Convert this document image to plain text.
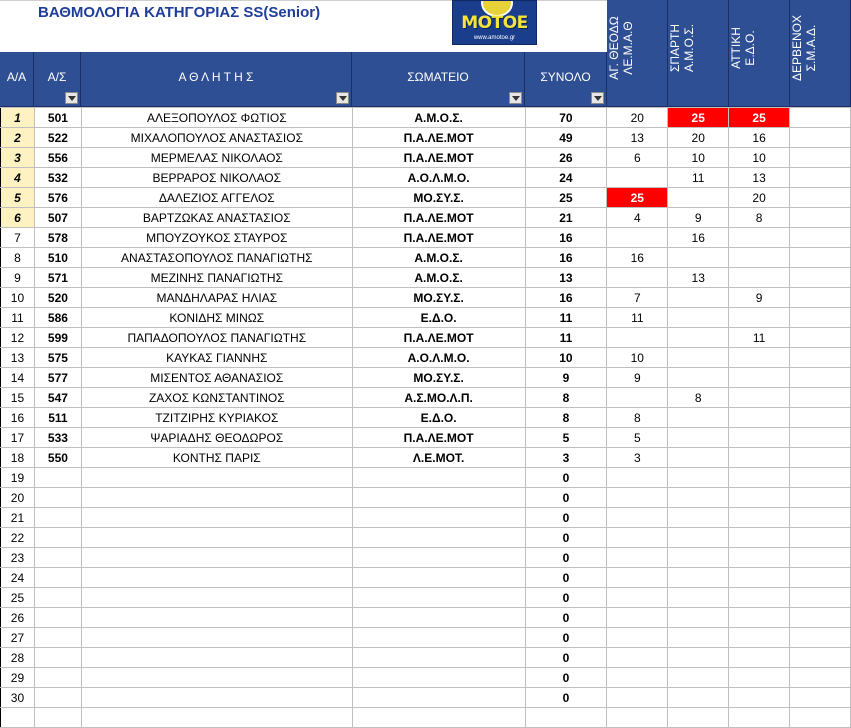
ΒΑΘΜΟΛΟΓΙΑ ΚΑΤΗΓΟΡΙΑΣ SS(Senior)
MOTOE
www.amotoe.gr
Α/Α	Α/Σ	Α Θ Λ Η Τ Η Σ	ΣΩΜΑΤΕΙΟ	ΣΥΝΟΛΟ	ΑΓ. ΘΕΟΔΩ ΛΕ.Μ.Α.Θ	ΣΠΑΡΤΗ Α.Μ.Ο.Σ.	ΑΤΤΙΚΗ Ε.Δ.Ο.	ΔΕΡΒΕΝΟΧ Σ.Μ.Α.Δ.
1	501	ΑΛΕΞΟΠΟΥΛΟΣ ΦΩΤΙΟΣ	Α.Μ.Ο.Σ.	70	20	25	25	
2	522	ΜΙΧΑΛΟΠΟΥΛΟΣ ΑΝΑΣΤΑΣΙΟΣ	Π.Α.ΛΕ.ΜΟΤ	49	13	20	16	
3	556	ΜΕΡΜΕΛΑΣ ΝΙΚΟΛΑΟΣ	Π.Α.ΛΕ.ΜΟΤ	26	6	10	10	
4	532	ΒΕΡΡΑΡΟΣ ΝΙΚΟΛΑΟΣ	Α.Ο.Λ.Μ.Ο.	24		11	13	
5	576	ΔΑΛΕΖΙΟΣ ΑΓΓΕΛΟΣ	ΜΟ.ΣΥ.Σ.	25	25		20	
6	507	ΒΑΡΤΖΩΚΑΣ ΑΝΑΣΤΑΣΙΟΣ	Π.Α.ΛΕ.ΜΟΤ	21	4	9	8	
7	578	ΜΠΟΥΖΟΥΚΟΣ ΣΤΑΥΡΟΣ	Π.Α.ΛΕ.ΜΟΤ	16		16		
8	510	ΑΝΑΣΤΑΣΟΠΟΥΛΟΣ ΠΑΝΑΓΙΩΤΗΣ	Α.Μ.Ο.Σ.	16	16			
9	571	ΜΕΖΙΝΗΣ ΠΑΝΑΓΙΩΤΗΣ	Α.Μ.Ο.Σ.	13		13		
10	520	ΜΑΝΔΗΛΑΡΑΣ ΗΛΙΑΣ	ΜΟ.ΣΥ.Σ.	16	7		9	
11	586	ΚΟΝΙΔΗΣ ΜΙΝΩΣ	Ε.Δ.Ο.	11	11			
12	599	ΠΑΠΑΔΟΠΟΥΛΟΣ ΠΑΝΑΓΙΩΤΗΣ	Π.Α.ΛΕ.ΜΟΤ	11			11	
13	575	ΚΑΥΚΑΣ ΓΙΑΝΝΗΣ	Α.Ο.Λ.Μ.Ο.	10	10			
14	577	ΜΙΣΕΝΤΟΣ ΑΘΑΝΑΣΙΟΣ	ΜΟ.ΣΥ.Σ.	9	9			
15	547	ΖΑΧΟΣ ΚΩΝΣΤΑΝΤΙΝΟΣ	Α.Σ.ΜΟ.Λ.Π.	8		8		
16	511	ΤΖΙΤΖΙΡΗΣ ΚΥΡΙΑΚΟΣ	Ε.Δ.Ο.	8	8			
17	533	ΨΑΡΙΑΔΗΣ ΘΕΟΔΩΡΟΣ	Π.Α.ΛΕ.ΜΟΤ	5	5			
18	550	ΚΟΝΤΗΣ ΠΑΡΙΣ	Λ.Ε.ΜΟΤ.	3	3			
19				0				
20				0				
21				0				
22				0				
23				0				
24				0				
25				0				
26				0				
27				0				
28				0				
29				0				
30				0				
